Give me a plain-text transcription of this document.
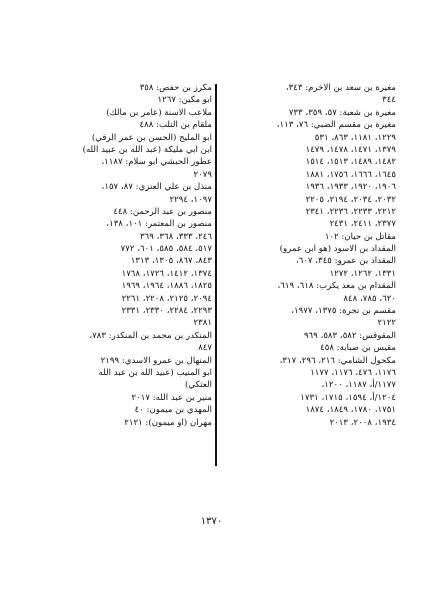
مغيرة بن سعد بن الاخرم: ٣٤٣،
٣٤٤
مغيرة بن شعبة: ٥٧، ٣٥٩، ٧٣٣
مغيرة بن مقسم الضبي: ٧٦، ١١٣،
١٢٢٩، ١١٨١، ٨٦٣، ٥٣١
١٣٧٩، ١٤٧١، ١٤٧٨، ١٤٧٩
١٤٨٢، ١٤٨٩، ١٥١٣، ١٥١٤
١٦٤٥، ١٦٦٦، ١٧٥٦، ١٨٨١
١٩٠٦، ١٩٢٠، ١٩٣٣، ١٩٣٦
٢٠٣٢، ٢٠٣٤، ٢١٩٤، ٢٢٠٥
٢٢١٢، ٢٢٣٣، ٢٢٣٦، ٢٣٤١
٢٣٧٧، ٢٤١١، ٢٤٣١
مقاتل بن حيان: ١٠٢
المقداد بن الاسود (هو ابن عمرو)
المقداد بن عمرو: ٣٤٥، ٦٠٧،
١٣٣١، ١٢٦٢، ١٢٧٢
المقدام بن معد يكرب: ٦١٨، ٦١٩،
٦٢٠، ٧٨٥، ٨٤٨
مقسم بن نجرة: ١٣٧٥، ١٩٧٧،
٢١٢٢
المقوقس: ٥٨٢، ٥٨٣، ٩٦٩
مقيس بن صبابة: ٤٥٨
مكحول الشامي: ٢١٦، ٢٩٦، ٣١٧،
١١٧٦، ٤٧٦، ١١٧٦، ١١٧٧
١١٧٧/أ، ١١٨٧، ١٢٠٠،
١٢٠٤/أ، ١٥٩٤، ١٧١٥، ١٧٣١
١٧٥١، ١٧٨٠، ١٨٤٩، ١٨٧٤
١٩٣٤، ٢٠٠٨، ٢٠١٣
مكرز بن حفص: ٣٥٨
ابو مكين: ١٢٦٧
ملاعب الاسنة (عامر بن مالك)
ملقام بن التلب: ٤٨٨
ابو المليح (الحسن بن عمر الرقي)
ابن ابي مليكة (عبد الله بن عبيد الله)
عطور الحبشي ابو سلام: ١١٨٧،
٢٠٧٩
منذل بن علي العنزي: ٨٧، ١٥٧،
١٠٩٧، ٢٢٩٤
منصور بن عبد الرحمن: ٤٤٨
منصور بن المعتمر: ١٠١، ١٣٨،
٢٤٦، ٣٣٣، ٣٦٨، ٣٦٩
٥١٧، ٥٨٤، ٥٨٥، ٦٠١، ٧٧٢
٨٤٣، ٨٦٧، ١٣٠٥، ١٣١٣
١٣٧٤، ١٤١٢، ١٧٢٦، ١٧٦٨
١٨٢٥، ١٨٨٦، ١٩٦٤، ١٩٦٩
٢٠٩٤، ٢١٢٥، ٢٢٠٨، ٢٢٦١
٢٢٩٣، ٢٢٨٤، ٢٣٣٠، ٢٣٣١
٢٣٨١
المنكدر بن محمد بن المنكدر: ٧٨٣،
٨٤٧
المنهال بن عمرو الاسدي: ٢١٩٩
ابو المنيب (عبيد الله بن عبد الله
العتكي)
منير بن عبد الله: ٢٠١٧
المهدي بن ميمون: ٤٠
مهران (او ميمون): ٢١٢١
١٣٧٠
